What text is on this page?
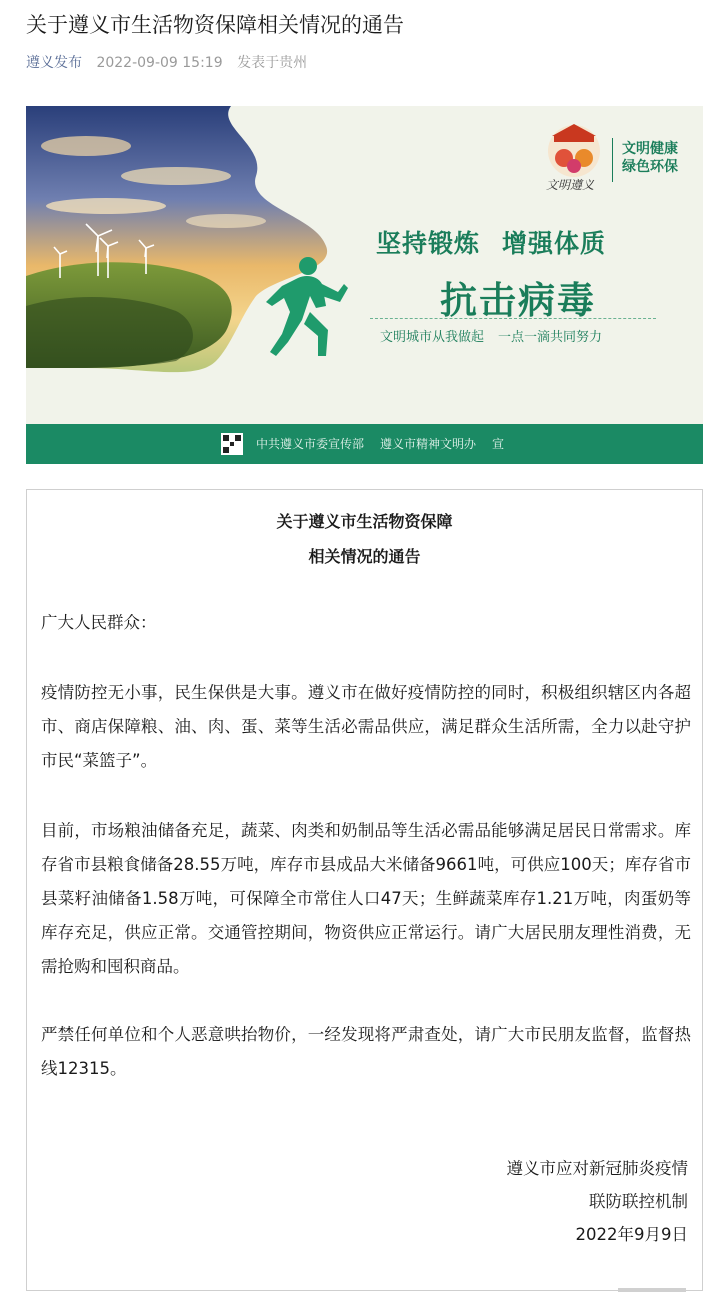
关于遵义市生活物资保障相关情况的通告
遵义发布 2022-09-09 15:19 发表于贵州
文明健康
绿色环保
文明遵义
坚持锻炼 增强体质
抗击病毒
文明城市从我做起 一点一滴共同努力
中共遵义市委宣传部 遵义市精神文明办 宣
关于遵义市生活物资保障
相关情况的通告

广大人民群众：

疫情防控无小事，民生保供是大事。遵义市在做好疫情防控的同时，积极组织辖区内各超市、商店保障粮、油、肉、蛋、菜等生活必需品供应，满足群众生活所需，全力以赴守护市民“菜篮子”。

目前，市场粮油储备充足，蔬菜、肉类和奶制品等生活必需品能够满足居民日常需求。库存省市县粮食储备28.55万吨，库存市县成品大米储备9661吨，可供应100天；库存省市县菜籽油储备1.58万吨，可保障全市常住人口47天；生鲜蔬菜库存1.21万吨，肉蛋奶等库存充足，供应正常。交通管控期间，物资供应正常运行。请广大居民朋友理性消费，无需抢购和囤积商品。

严禁任何单位和个人恶意哄抬物价，一经发现将严肃查处，请广大市民朋友监督，监督热线12315。

遵义市应对新冠肺炎疫情
联防联控机制
2022年9月9日
